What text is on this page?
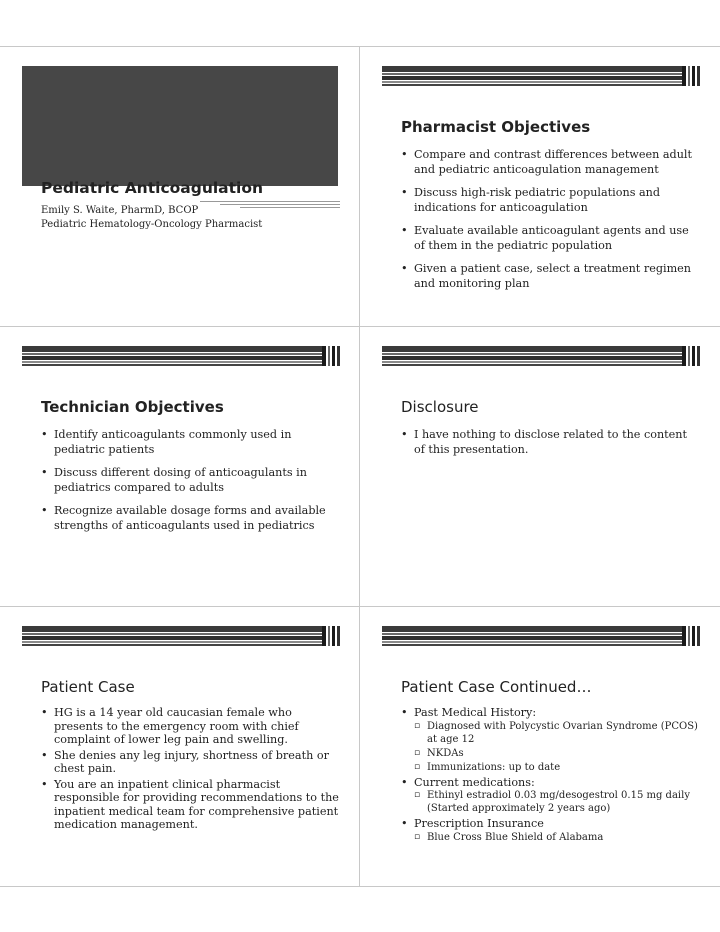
Pediatric Anticoagulation
Emily S. Waite, PharmD, BCOP
Pediatric Hematology-Oncology Pharmacist
Pharmacist Objectives
• Compare and contrast differences between adult and pediatric anticoagulation management
• Discuss high-risk pediatric populations and indications for anticoagulation
• Evaluate available anticoagulant agents and use of them in the pediatric population
• Given a patient case, select a treatment regimen and monitoring plan
Technician Objectives
• Identify anticoagulants commonly used in pediatric patients
• Discuss different dosing of anticoagulants in pediatrics compared to adults
• Recognize available dosage forms and available strengths of anticoagulants used in pediatrics
Disclosure
• I have nothing to disclose related to the content of this presentation.
Patient Case
• HG is a 14 year old caucasian female who presents to the emergency room with chief complaint of lower leg pain and swelling.
• She denies any leg injury, shortness of breath or chest pain.
• You are an inpatient clinical pharmacist responsible for providing recommendations to the inpatient medical team for comprehensive patient medication management.
Patient Case Continued…
• Past Medical History:
▫ Diagnosed with Polycystic Ovarian Syndrome (PCOS) at age 12
▫ NKDAs
▫ Immunizations: up to date
• Current medications:
▫ Ethinyl estradiol 0.03 mg/desogestrol 0.15 mg daily (Started approximately 2 years ago)
• Prescription Insurance
▫ Blue Cross Blue Shield of Alabama
